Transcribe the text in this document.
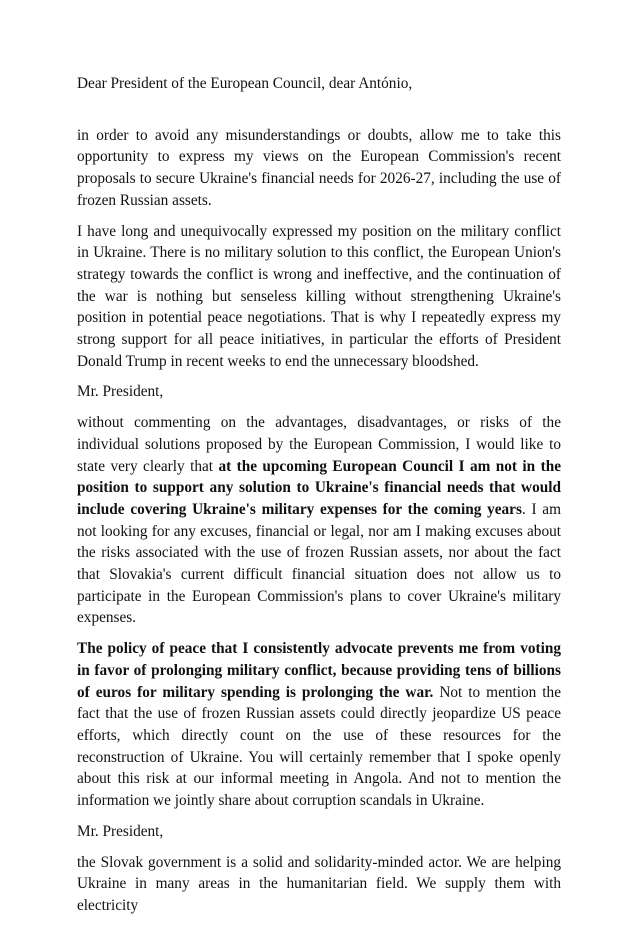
Dear President of the European Council, dear António,

in order to avoid any misunderstandings or doubts, allow me to take this opportunity to express my views on the European Commission's recent proposals to secure Ukraine's financial needs for 2026-27, including the use of frozen Russian assets.

I have long and unequivocally expressed my position on the military conflict in Ukraine. There is no military solution to this conflict, the European Union's strategy towards the conflict is wrong and ineffective, and the continuation of the war is nothing but senseless killing without strengthening Ukraine's position in potential peace negotiations. That is why I repeatedly express my strong support for all peace initiatives, in particular the efforts of President Donald Trump in recent weeks to end the unnecessary bloodshed.

Mr. President,

without commenting on the advantages, disadvantages, or risks of the individual solutions proposed by the European Commission, I would like to state very clearly that at the upcoming European Council I am not in the position to support any solution to Ukraine's financial needs that would include covering Ukraine's military expenses for the coming years. I am not looking for any excuses, financial or legal, nor am I making excuses about the risks associated with the use of frozen Russian assets, nor about the fact that Slovakia's current difficult financial situation does not allow us to participate in the European Commission's plans to cover Ukraine's military expenses.

The policy of peace that I consistently advocate prevents me from voting in favor of prolonging military conflict, because providing tens of billions of euros for military spending is prolonging the war. Not to mention the fact that the use of frozen Russian assets could directly jeopardize US peace efforts, which directly count on the use of these resources for the reconstruction of Ukraine. You will certainly remember that I spoke openly about this risk at our informal meeting in Angola. And not to mention the information we jointly share about corruption scandals in Ukraine.

Mr. President,

the Slovak government is a solid and solidarity-minded actor. We are helping Ukraine in many areas in the humanitarian field. We supply them with electricity
